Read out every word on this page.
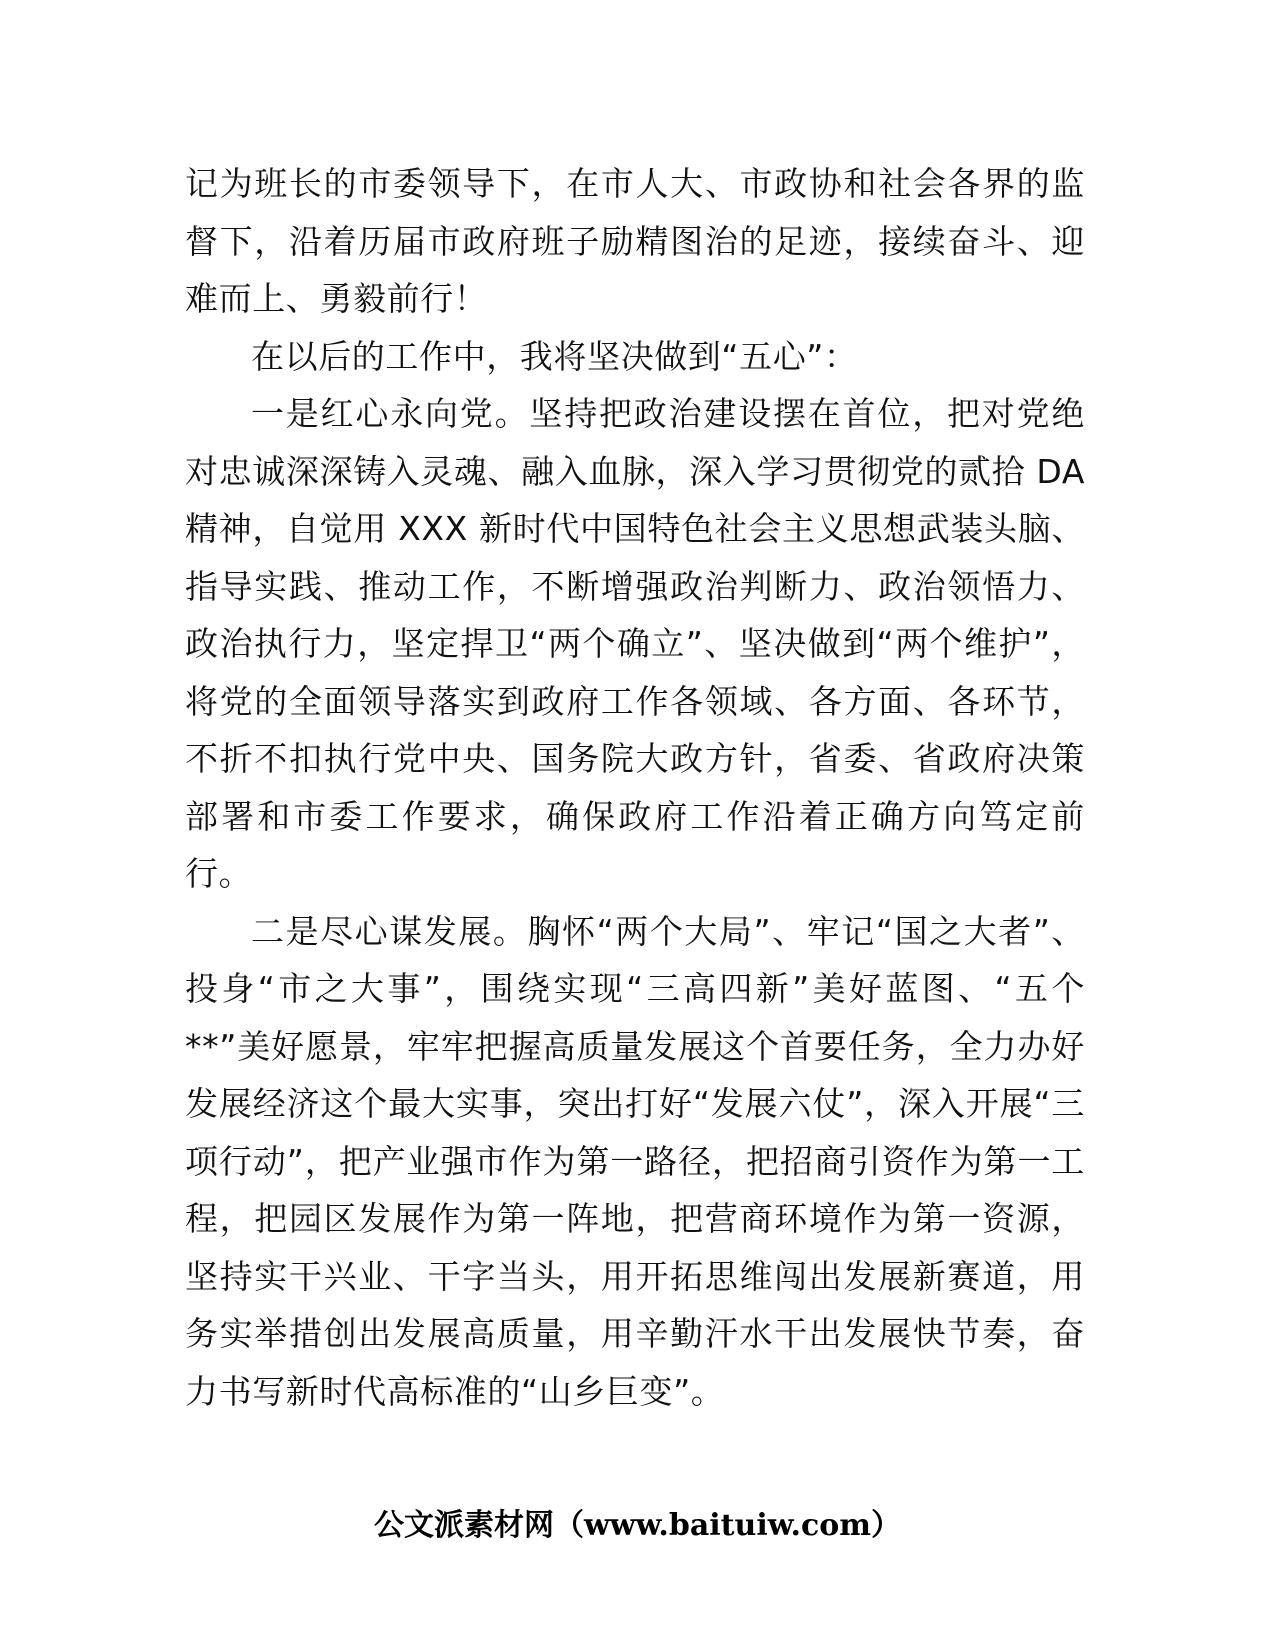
记为班长的市委领导下，在市人大、市政协和社会各界的监督下，沿着历届市政府班子励精图治的足迹，接续奋斗、迎难而上、勇毅前行！

在以后的工作中，我将坚决做到“五心”：

一是红心永向党。坚持把政治建设摆在首位，把对党绝对忠诚深深铸入灵魂、融入血脉，深入学习贯彻党的贰拾 DA 精神，自觉用 XXX 新时代中国特色社会主义思想武装头脑、指导实践、推动工作，不断增强政治判断力、政治领悟力、政治执行力，坚定捍卫“两个确立”、坚决做到“两个维护”，将党的全面领导落实到政府工作各领域、各方面、各环节，不折不扣执行党中央、国务院大政方针，省委、省政府决策部署和市委工作要求，确保政府工作沿着正确方向笃定前行。

二是尽心谋发展。胸怀“两个大局”、牢记“国之大者”、投身“市之大事”，围绕实现“三高四新”美好蓝图、“五个**”美好愿景，牢牢把握高质量发展这个首要任务，全力办好发展经济这个最大实事，突出打好“发展六仗”，深入开展“三项行动”，把产业强市作为第一路径，把招商引资作为第一工程，把园区发展作为第一阵地，把营商环境作为第一资源，坚持实干兴业、干字当头，用开拓思维闯出发展新赛道，用务实举措创出发展高质量，用辛勤汗水干出发展快节奏，奋力书写新时代高标准的“山乡巨变”。

公文派素材网（www.baituiw.com）
